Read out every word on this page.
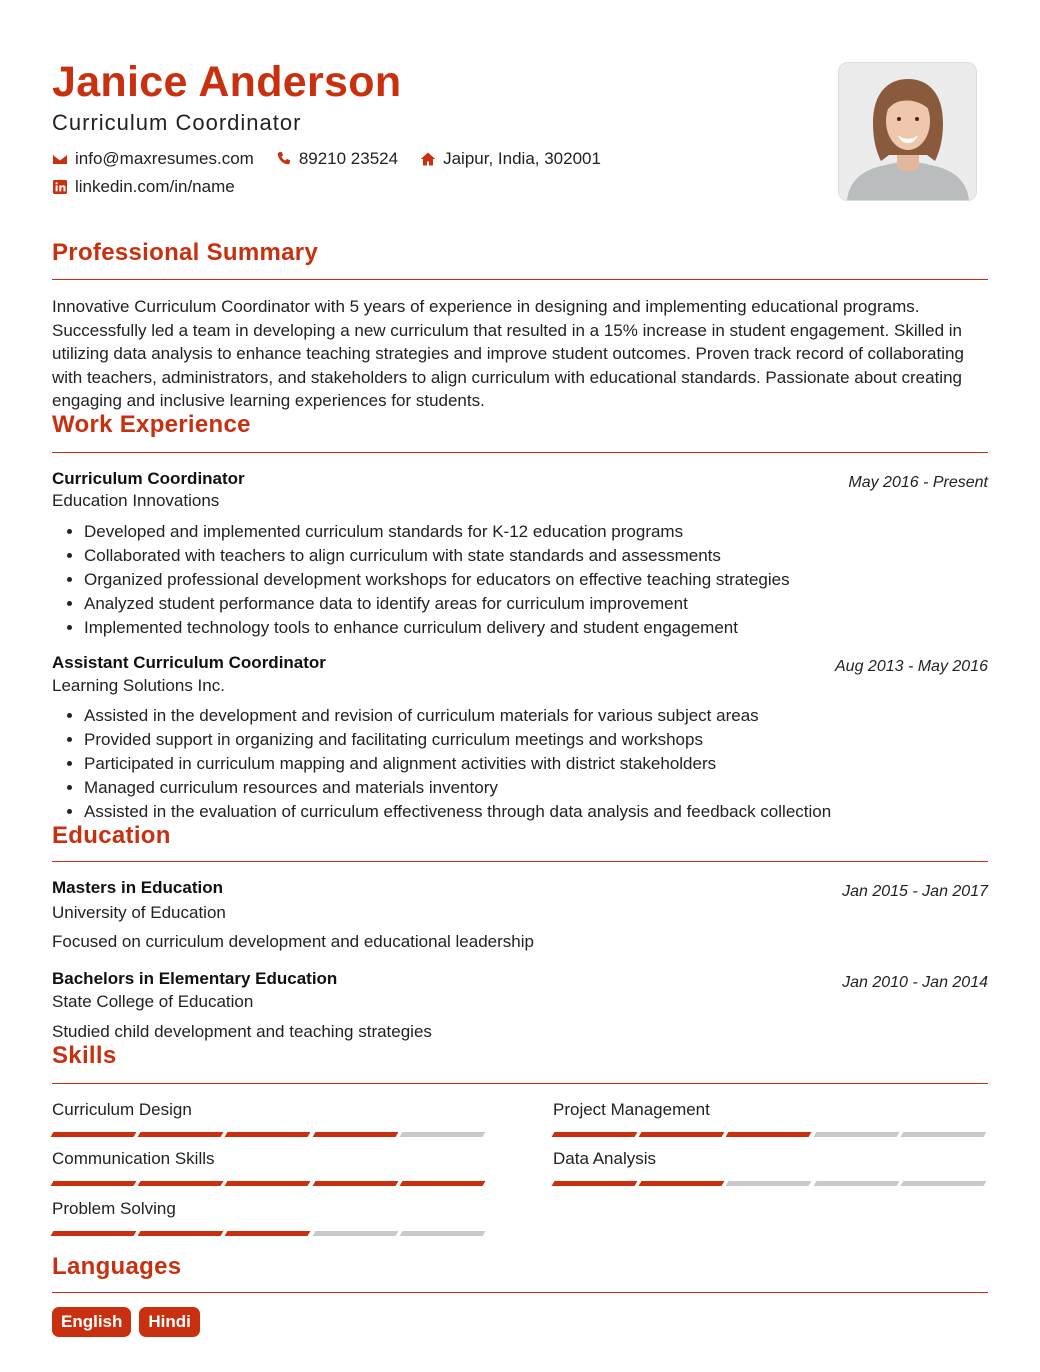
Janice Anderson
Curriculum Coordinator
info@maxresumes.com	89210 23524	Jaipur, India, 302001
linkedin.com/in/name
Professional Summary
Innovative Curriculum Coordinator with 5 years of experience in designing and implementing educational programs. Successfully led a team in developing a new curriculum that resulted in a 15% increase in student engagement. Skilled in utilizing data analysis to enhance teaching strategies and improve student outcomes. Proven track record of collaborating with teachers, administrators, and stakeholders to align curriculum with educational standards. Passionate about creating engaging and inclusive learning experiences for students.
Work Experience
Curriculum Coordinator	May 2016 - Present
Education Innovations
• Developed and implemented curriculum standards for K-12 education programs
• Collaborated with teachers to align curriculum with state standards and assessments
• Organized professional development workshops for educators on effective teaching strategies
• Analyzed student performance data to identify areas for curriculum improvement
• Implemented technology tools to enhance curriculum delivery and student engagement
Assistant Curriculum Coordinator	Aug 2013 - May 2016
Learning Solutions Inc.
• Assisted in the development and revision of curriculum materials for various subject areas
• Provided support in organizing and facilitating curriculum meetings and workshops
• Participated in curriculum mapping and alignment activities with district stakeholders
• Managed curriculum resources and materials inventory
• Assisted in the evaluation of curriculum effectiveness through data analysis and feedback collection
Education
Masters in Education	Jan 2015 - Jan 2017
University of Education
Focused on curriculum development and educational leadership
Bachelors in Elementary Education	Jan 2010 - Jan 2014
State College of Education
Studied child development and teaching strategies
Skills
Curriculum Design	Project Management
Communication Skills	Data Analysis
Problem Solving
Languages
English	Hindi
